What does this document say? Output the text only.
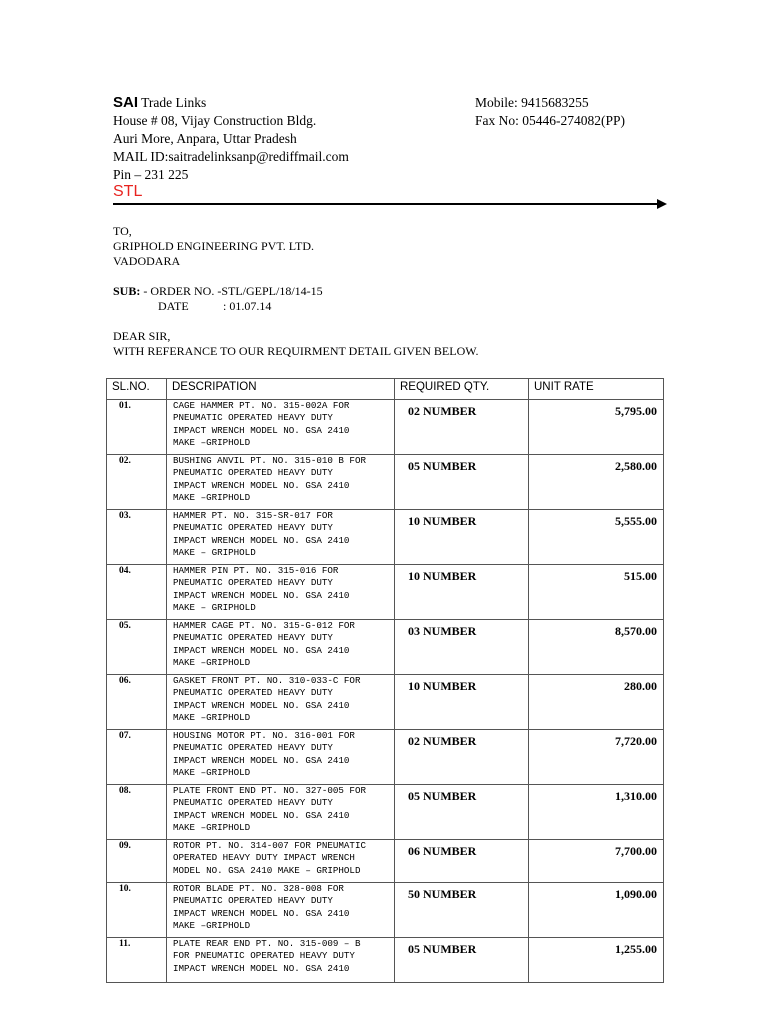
SAI Trade Links
House # 08, Vijay Construction Bldg.
Auri More, Anpara, Uttar Pradesh
MAIL ID:saitradelinksanp@rediffmail.com
Pin – 231 225
STL
Mobile: 9415683255
Fax No: 05446-274082(PP)
TO,
GRIPHOLD ENGINEERING PVT. LTD.
VADODARA
SUB: - ORDER NO. -STL/GEPL/18/14-15
DATE	: 01.07.14
DEAR SIR,
WITH REFERANCE TO OUR REQUIRMENT DETAIL GIVEN BELOW.
SL.NO.	DESCRIPATION	REQUIRED QTY.	UNIT RATE
01.	CAGE HAMMER PT. NO. 315-002A FOR
PNEUMATIC OPERATED HEAVY DUTY
IMPACT WRENCH MODEL NO. GSA 2410
MAKE –GRIPHOLD	02 NUMBER	5,795.00
02.	BUSHING ANVIL PT. NO. 315-010 B FOR
PNEUMATIC OPERATED HEAVY DUTY
IMPACT WRENCH MODEL NO. GSA 2410
MAKE –GRIPHOLD	05 NUMBER	2,580.00
03.	HAMMER PT. NO. 315-SR-017 FOR
PNEUMATIC OPERATED HEAVY DUTY
IMPACT WRENCH MODEL NO. GSA 2410
MAKE – GRIPHOLD	10 NUMBER	5,555.00
04.	HAMMER PIN PT. NO. 315-016 FOR
PNEUMATIC OPERATED HEAVY DUTY
IMPACT WRENCH MODEL NO. GSA 2410
MAKE – GRIPHOLD	10 NUMBER	515.00
05.	HAMMER CAGE PT. NO. 315-G-012 FOR
PNEUMATIC OPERATED HEAVY DUTY
IMPACT WRENCH MODEL NO. GSA 2410
MAKE –GRIPHOLD	03 NUMBER	8,570.00
06.	GASKET FRONT PT. NO. 310-033-C FOR
PNEUMATIC OPERATED HEAVY DUTY
IMPACT WRENCH MODEL NO. GSA 2410
MAKE –GRIPHOLD	10 NUMBER	280.00
07.	HOUSING MOTOR PT. NO. 316-001 FOR
PNEUMATIC OPERATED HEAVY DUTY
IMPACT WRENCH MODEL NO. GSA 2410
MAKE –GRIPHOLD	02 NUMBER	7,720.00
08.	PLATE FRONT END PT. NO. 327-005 FOR
PNEUMATIC OPERATED HEAVY DUTY
IMPACT WRENCH MODEL NO. GSA 2410
MAKE –GRIPHOLD	05 NUMBER	1,310.00
09.	ROTOR PT. NO. 314-007 FOR PNEUMATIC
OPERATED HEAVY DUTY IMPACT WRENCH
MODEL NO. GSA 2410 MAKE – GRIPHOLD	06 NUMBER	7,700.00
10.	ROTOR BLADE PT. NO. 328-008 FOR
PNEUMATIC OPERATED HEAVY DUTY
IMPACT WRENCH MODEL NO. GSA 2410
MAKE –GRIPHOLD	50 NUMBER	1,090.00
11.	PLATE REAR END PT. NO. 315-009 – B
FOR PNEUMATIC OPERATED HEAVY DUTY
IMPACT WRENCH MODEL NO. GSA 2410	05 NUMBER	1,255.00
